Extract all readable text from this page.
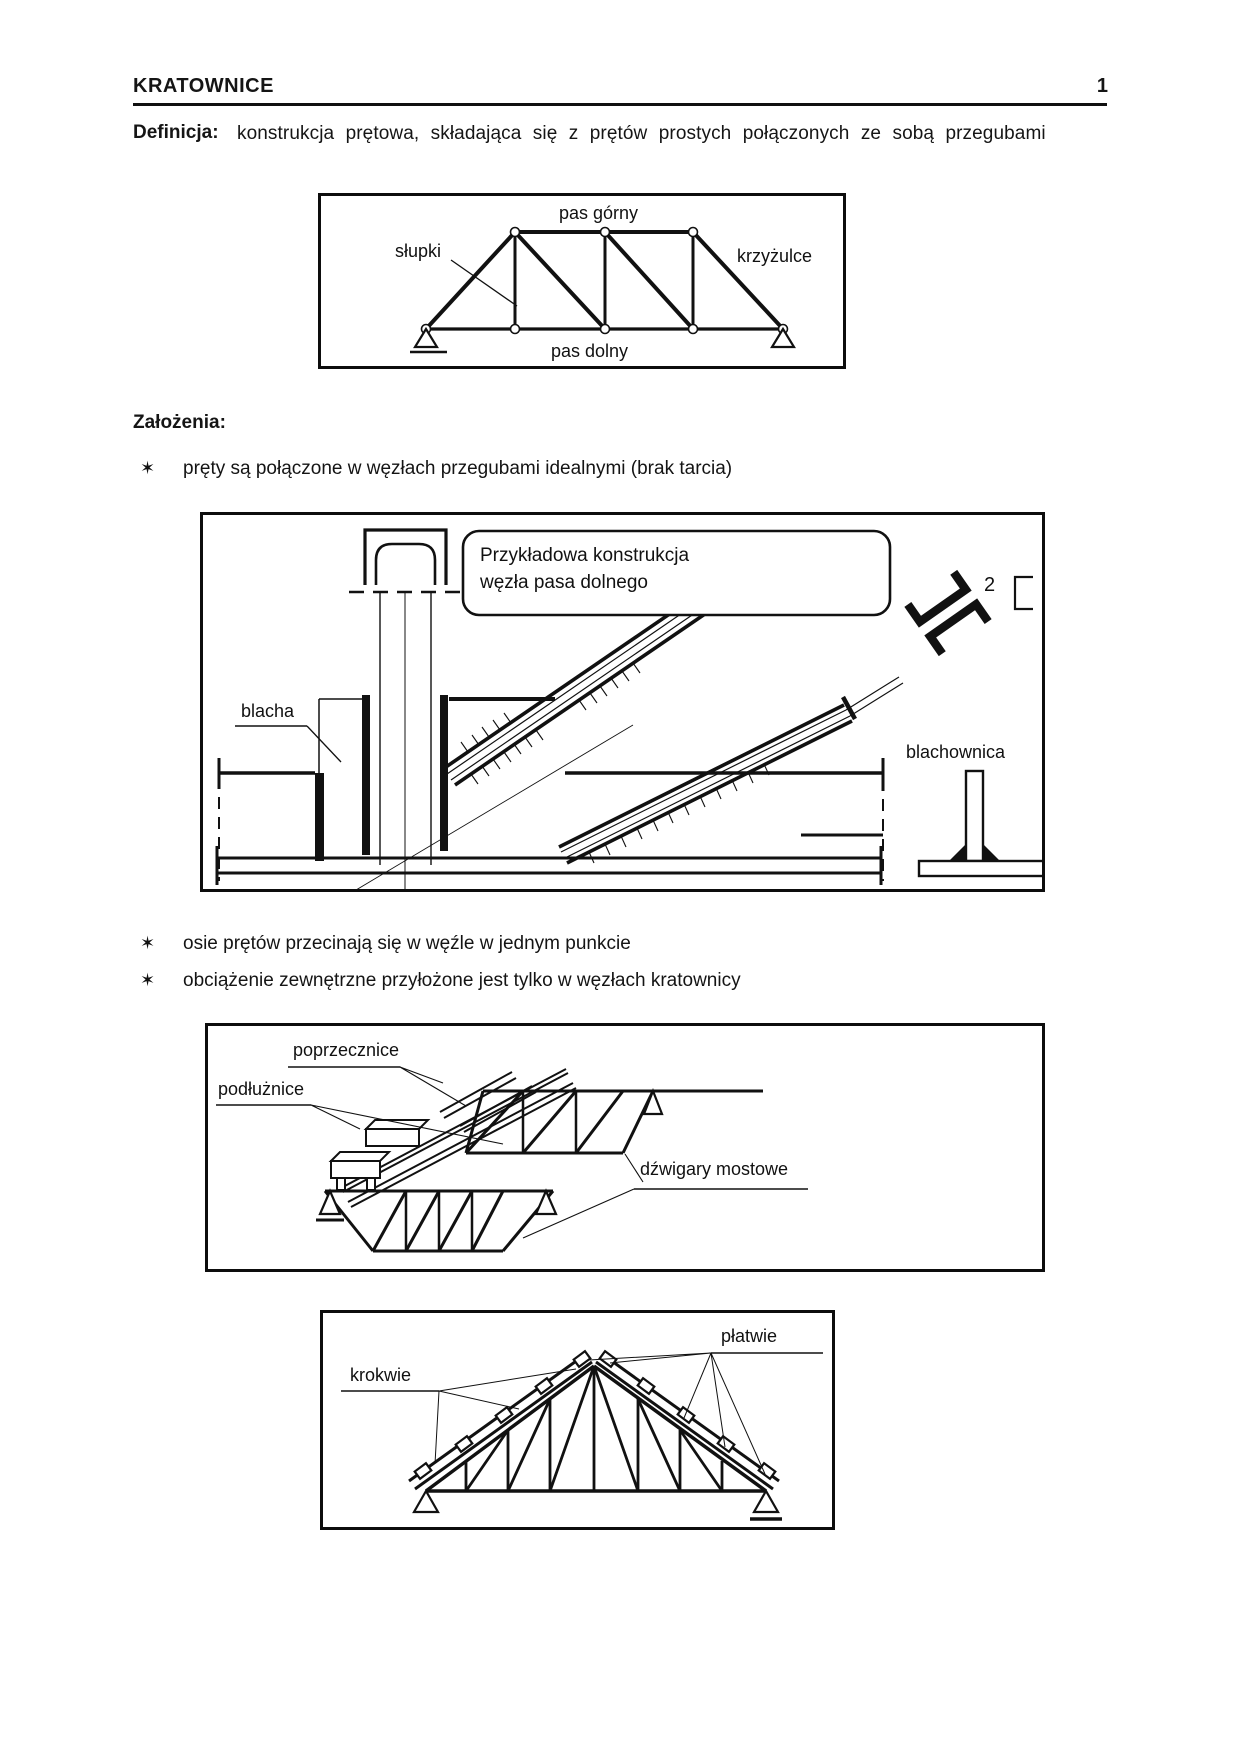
KRATOWNICE	1
Definicja: konstrukcja prętowa, składająca się z prętów prostych połączonych ze sobą przegubami
pas górny
słupki	krzyżulce
pas dolny
Założenia:
✶	pręty są połączone w węzłach przegubami idealnymi (brak tarcia)
Przykładowa konstrukcja
węzła pasa dolnego
blacha
blachownica
2
✶	osie prętów przecinają się w węźle w jednym punkcie
✶	obciążenie zewnętrzne przyłożone jest tylko w węzłach kratownicy
poprzecznice
podłużnice
dźwigary mostowe
płatwie
krokwie
